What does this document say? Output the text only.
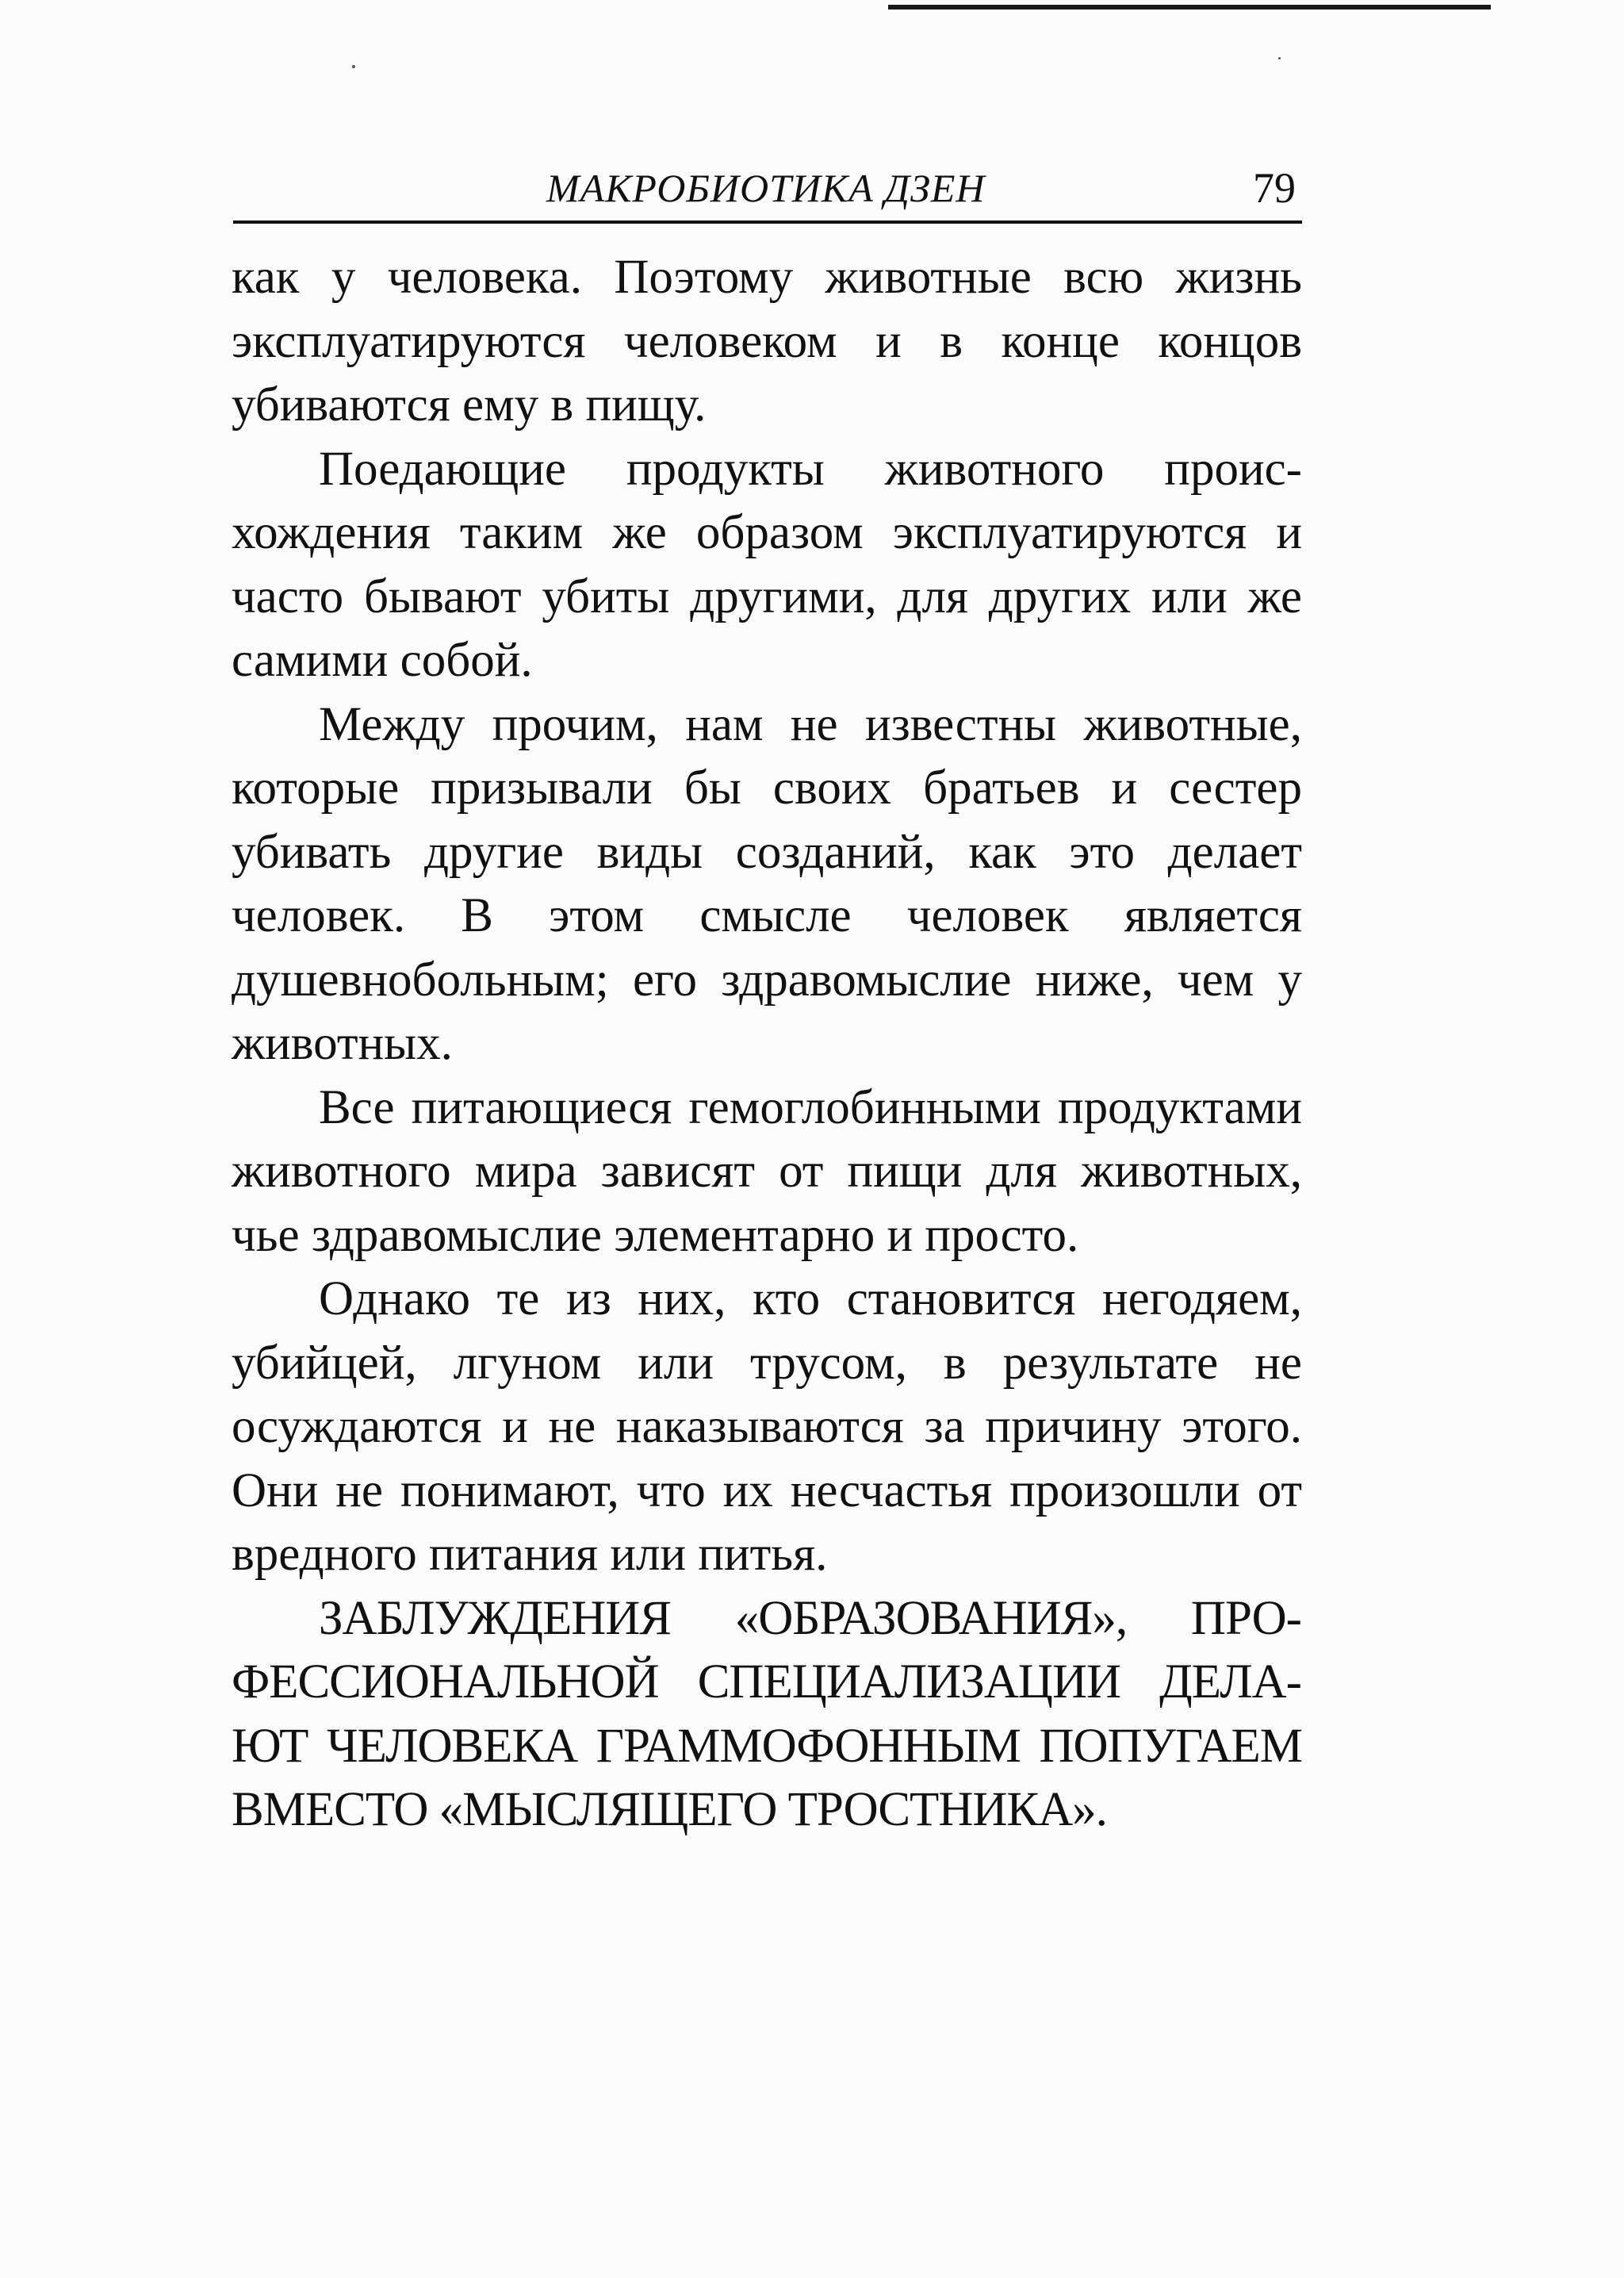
МАКРОБИОТИКА ДЗЕН	79

как у человека. Поэтому животные всю жизнь эксплуатируются человеком и в конце концов убиваются ему в пищу.

Поедающие продукты животного происхождения таким же образом эксплуатируются и часто бывают убиты другими, для других или же самими собой.

Между прочим, нам не известны животные, которые призывали бы своих братьев и сестер убивать другие виды созданий, как это делает человек. В этом смысле человек является душевнобольным; его здравомыслие ниже, чем у животных.

Все питающиеся гемоглобинными продуктами животного мира зависят от пищи для животных, чье здравомыслие элементарно и просто.

Однако те из них, кто становится негодяем, убийцей, лгуном или трусом, в результате не осуждаются и не наказываются за причину этого. Они не понимают, что их несчастья произошли от вредного питания или питья.

ЗАБЛУЖДЕНИЯ «ОБРАЗОВАНИЯ», ПРОФЕССИОНАЛЬНОЙ СПЕЦИАЛИЗАЦИИ ДЕЛАЮТ ЧЕЛОВЕКА ГРАММОФОННЫМ ПОПУГАЕМ ВМЕСТО «МЫСЛЯЩЕГО ТРОСТНИКА».
